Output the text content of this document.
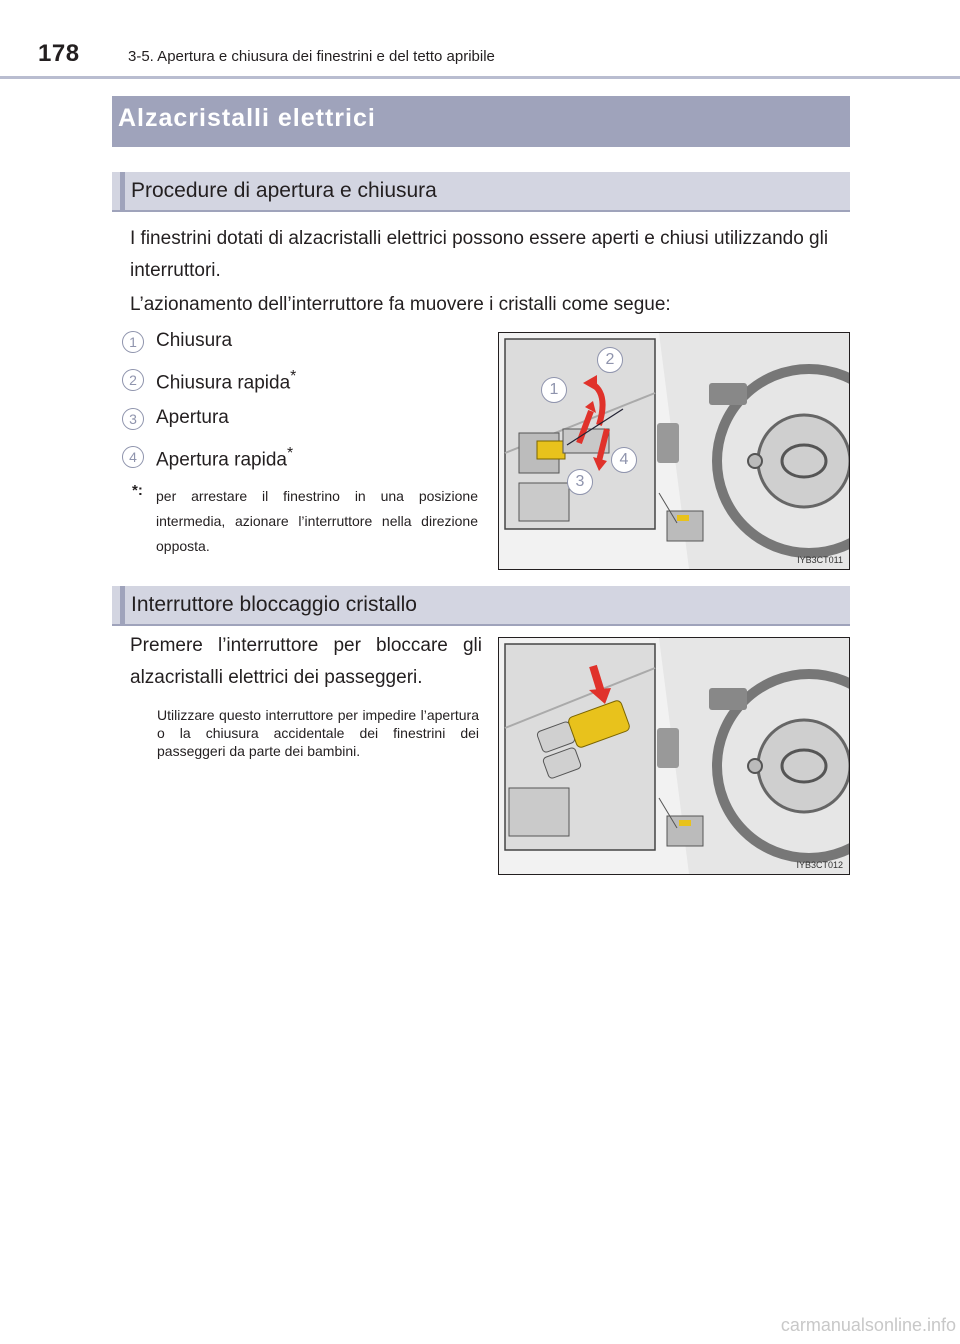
178	3-5. Apertura e chiusura dei finestrini e del tetto apribile
Alzacristalli elettrici
Procedure di apertura e chiusura
I finestrini dotati di alzacristalli elettrici possono essere aperti e chiusi utilizzando gli interruttori.
L’azionamento dell’interruttore fa muovere i cristalli come segue:
1	Chiusura
2	Chiusura rapida*
3	Apertura
4	Apertura rapida*
*: per arrestare il finestrino in una posizione intermedia, azionare l’interruttore nella direzione opposta.
1
2
3
4
IYB3CT011
Interruttore bloccaggio cristallo
Premere l’interruttore per bloccare gli alzacristalli elettrici dei passeggeri.
Utilizzare questo interruttore per impedire l’apertura o la chiusura accidentale dei finestrini dei passeggeri da parte dei bambini.
IYB3CT012
carmanualsonline.info
